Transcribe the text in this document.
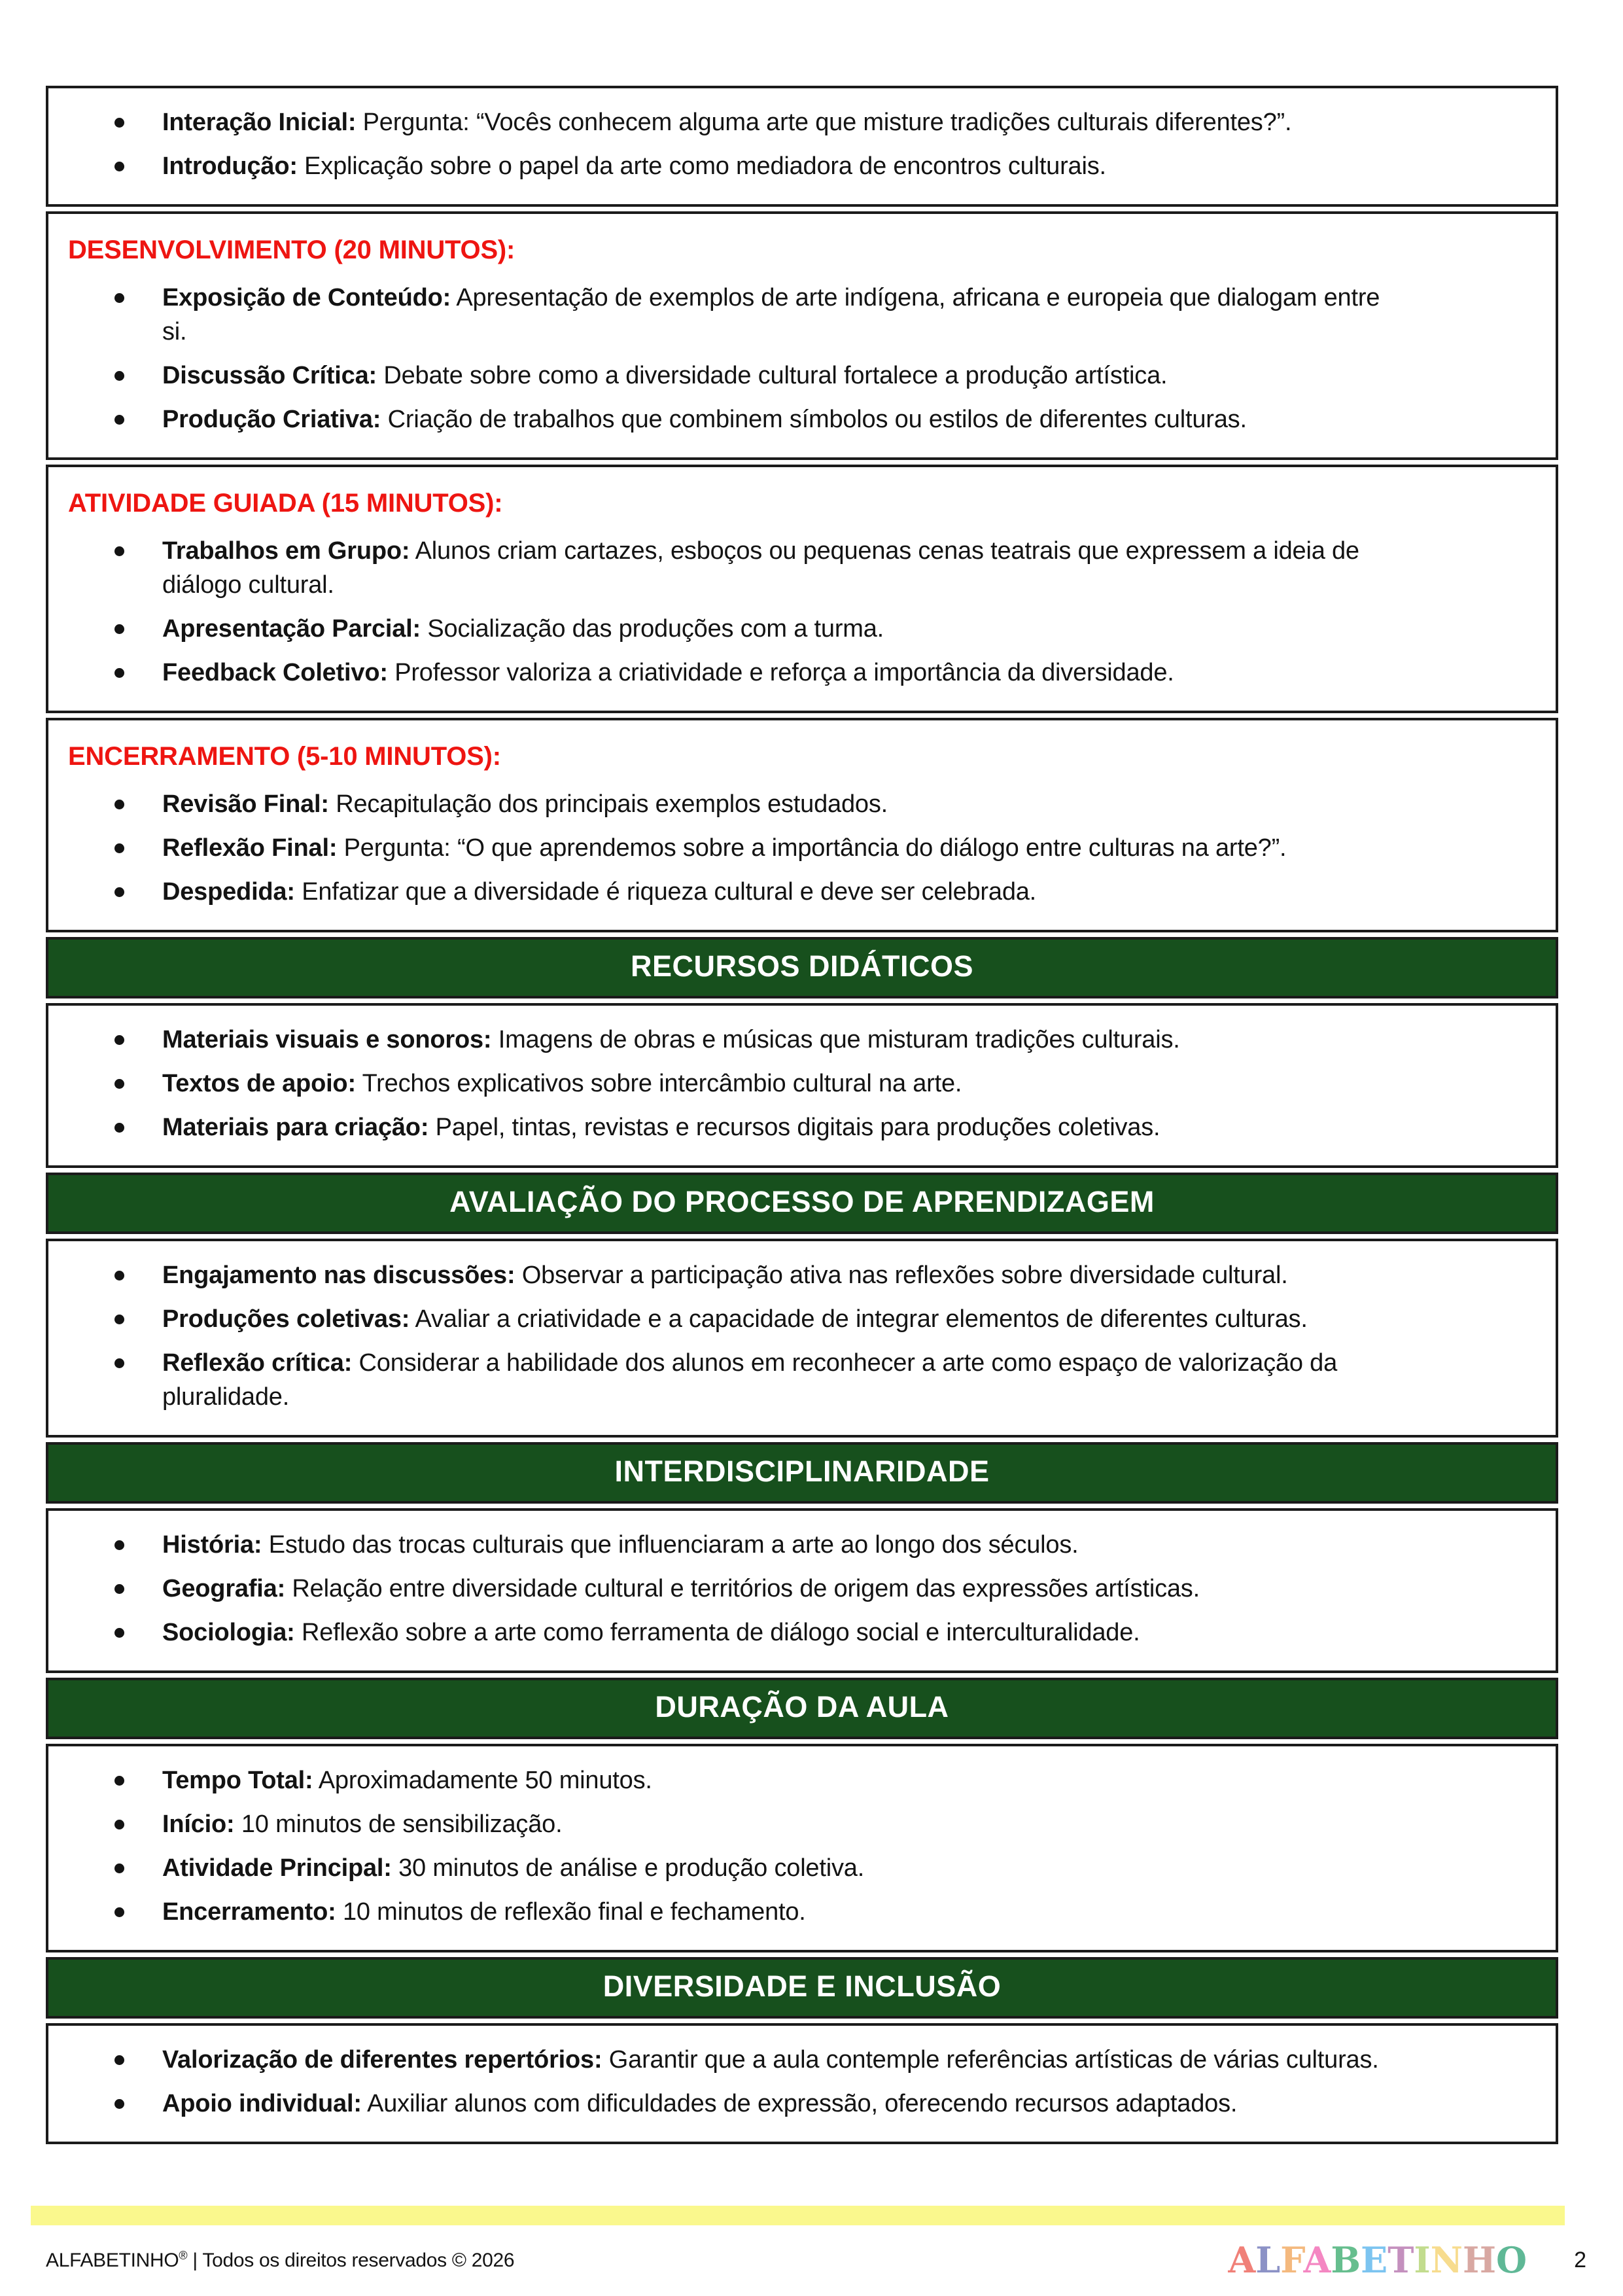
Interação Inicial: Pergunta: “Vocês conhecem alguma arte que misture tradições culturais diferentes?”.
Introdução: Explicação sobre o papel da arte como mediadora de encontros culturais.
DESENVOLVIMENTO (20 MINUTOS):
Exposição de Conteúdo: Apresentação de exemplos de arte indígena, africana e europeia que dialogam entre si.
Discussão Crítica: Debate sobre como a diversidade cultural fortalece a produção artística.
Produção Criativa: Criação de trabalhos que combinem símbolos ou estilos de diferentes culturas.
ATIVIDADE GUIADA (15 MINUTOS):
Trabalhos em Grupo: Alunos criam cartazes, esboços ou pequenas cenas teatrais que expressem a ideia de diálogo cultural.
Apresentação Parcial: Socialização das produções com a turma.
Feedback Coletivo: Professor valoriza a criatividade e reforça a importância da diversidade.
ENCERRAMENTO (5-10 MINUTOS):
Revisão Final: Recapitulação dos principais exemplos estudados.
Reflexão Final: Pergunta: “O que aprendemos sobre a importância do diálogo entre culturas na arte?”.
Despedida: Enfatizar que a diversidade é riqueza cultural e deve ser celebrada.
RECURSOS DIDÁTICOS
Materiais visuais e sonoros: Imagens de obras e músicas que misturam tradições culturais.
Textos de apoio: Trechos explicativos sobre intercâmbio cultural na arte.
Materiais para criação: Papel, tintas, revistas e recursos digitais para produções coletivas.
AVALIAÇÃO DO PROCESSO DE APRENDIZAGEM
Engajamento nas discussões: Observar a participação ativa nas reflexões sobre diversidade cultural.
Produções coletivas: Avaliar a criatividade e a capacidade de integrar elementos de diferentes culturas.
Reflexão crítica: Considerar a habilidade dos alunos em reconhecer a arte como espaço de valorização da pluralidade.
INTERDISCIPLINARIDADE
História: Estudo das trocas culturais que influenciaram a arte ao longo dos séculos.
Geografia: Relação entre diversidade cultural e territórios de origem das expressões artísticas.
Sociologia: Reflexão sobre a arte como ferramenta de diálogo social e interculturalidade.
DURAÇÃO DA AULA
Tempo Total: Aproximadamente 50 minutos.
Início: 10 minutos de sensibilização.
Atividade Principal: 30 minutos de análise e produção coletiva.
Encerramento: 10 minutos de reflexão final e fechamento.
DIVERSIDADE E INCLUSÃO
Valorização de diferentes repertórios: Garantir que a aula contemple referências artísticas de várias culturas.
Apoio individual: Auxiliar alunos com dificuldades de expressão, oferecendo recursos adaptados.
ALFABETINHO® | Todos os direitos reservados © 2026	ALFABETINHO 2
